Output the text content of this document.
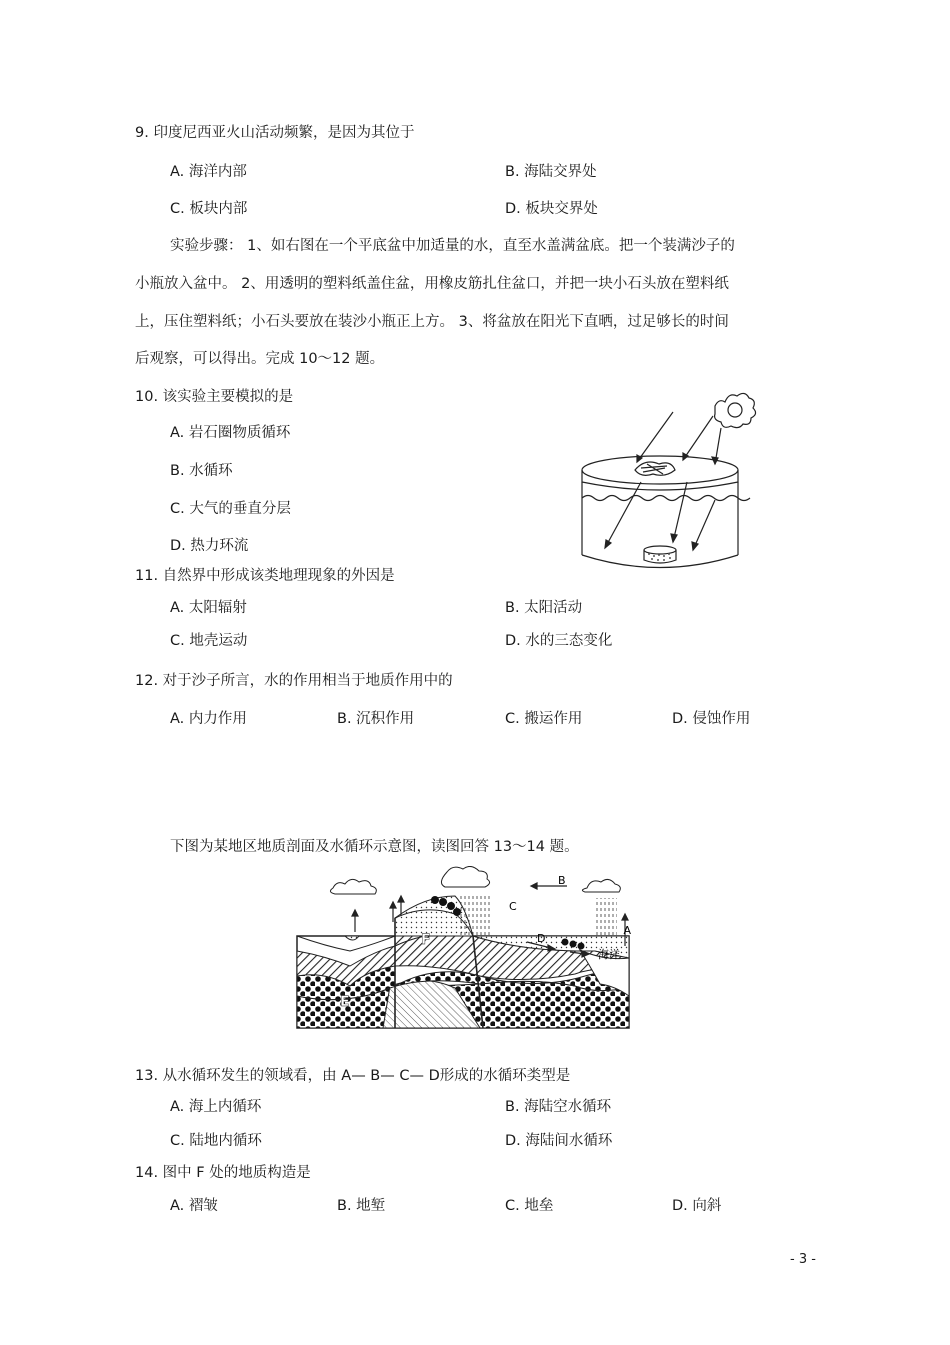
9. 印度尼西亚火山活动频繁，是因为其位于
A. 海洋内部	B. 海陆交界处
C. 板块内部	D. 板块交界处
实验步骤： 1、如右图在一个平底盆中加适量的水，直至水盖满盆底。把一个装满沙子的
小瓶放入盆中。 2、用透明的塑料纸盖住盆，用橡皮筋扎住盆口，并把一块小石头放在塑料纸
上，压住塑料纸；小石头要放在装沙小瓶正上方。 3、将盆放在阳光下直晒，过足够长的时间
后观察，可以得出。完成 10～12 题。
10. 该实验主要模拟的是
A. 岩石圈物质循环
B. 水循环
C. 大气的垂直分层
D. 热力环流
11. 自然界中形成该类地理现象的外因是
A. 太阳辐射	B. 太阳活动
C. 地壳运动	D. 水的三态变化
12. 对于沙子所言，水的作用相当于地质作用中的
A. 内力作用	B. 沉积作用	C. 搬运作用	D. 侵蚀作用
下图为某地区地质剖面及水循环示意图，读图回答 13～14 题。
B
C
D
A
海洋
E
F
13. 从水循环发生的领域看，由 A— B— C— D形成的水循环类型是
A. 海上内循环	B. 海陆空水循环
C. 陆地内循环	D. 海陆间水循环
14. 图中 F 处的地质构造是
A. 褶皱	B. 地堑	C. 地垒	D. 向斜
- 3 -
